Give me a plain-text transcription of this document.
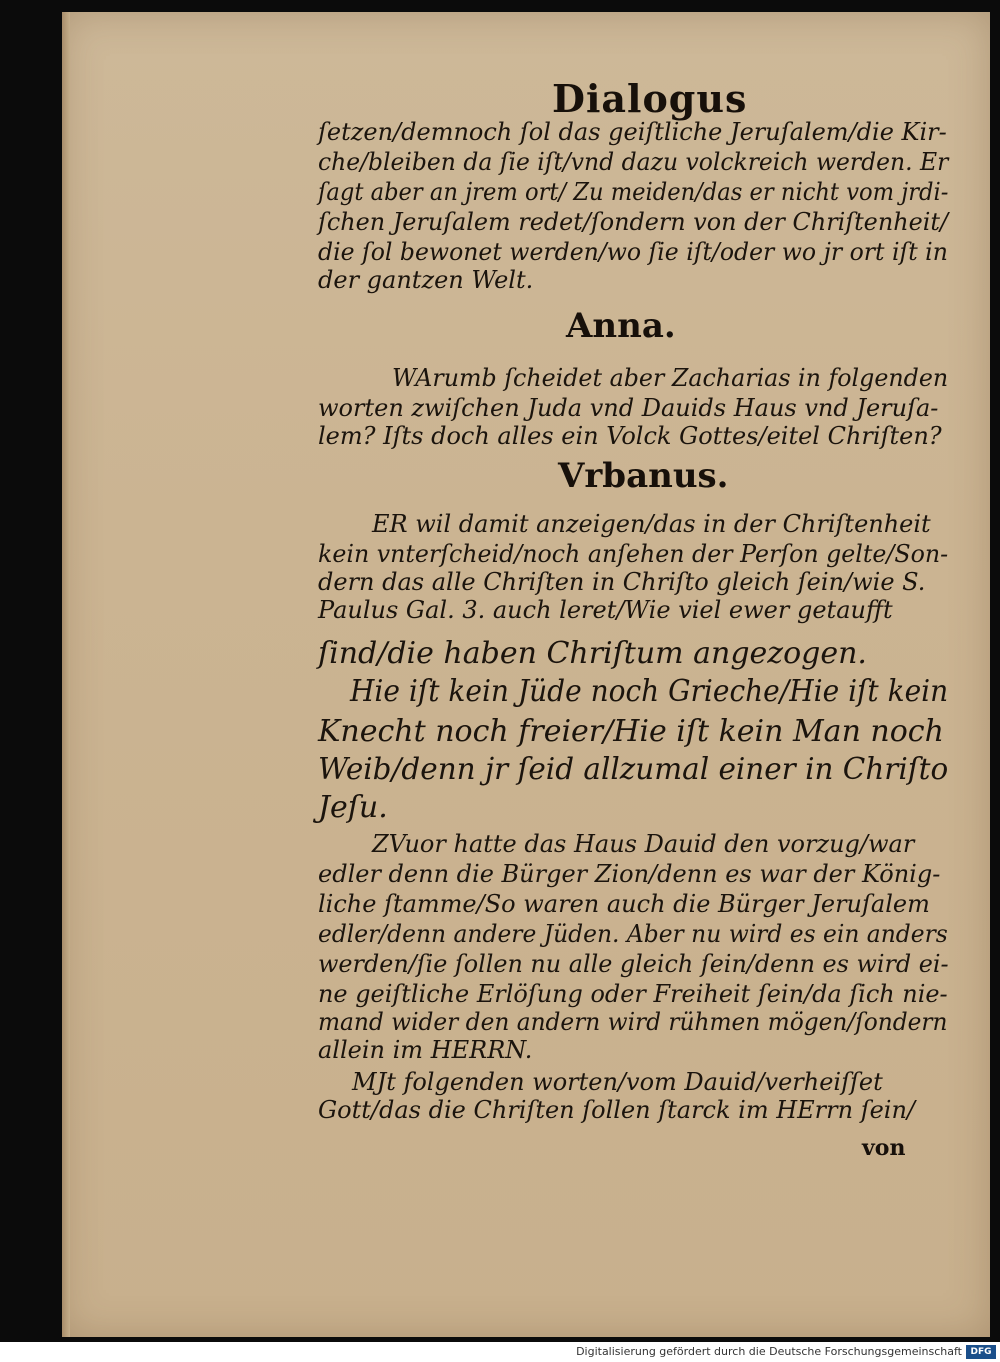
Dialogus
ſetzen/demnoch ſol das geiſtliche Jeruſalem/die Kir-
che/bleiben da ſie iſt/vnd dazu volckreich werden. Er
ſagt aber an jrem ort/ Zu meiden/das er nicht vom jrdi-
ſchen Jeruſalem redet/ſondern von der Chriſtenheit/
die ſol bewonet werden/wo ſie iſt/oder wo jr ort iſt in
der gantzen Welt.
Anna.
WArumb ſcheidet aber Zacharias in folgenden
worten zwiſchen Juda vnd Dauids Haus vnd Jeruſa-
lem? Iſts doch alles ein Volck Gottes/eitel Chriſten?
Vrbanus.
ER wil damit anzeigen/das in der Chriſtenheit
kein vnterſcheid/noch anſehen der Perſon gelte/Son-
dern das alle Chriſten in Chriſto gleich ſein/wie S.
Paulus Gal. 3. auch leret/Wie viel ewer getaufft
ſind/die haben Chriſtum angezogen.
Hie iſt kein Jüde noch Grieche/Hie iſt kein
Knecht noch freier/Hie iſt kein Man noch
Weib/denn jr ſeid allzumal einer in Chriſto
Jeſu.
ZVuor hatte das Haus Dauid den vorzug/war
edler denn die Bürger Zion/denn es war der König-
liche ſtamme/So waren auch die Bürger Jeruſalem
edler/denn andere Jüden. Aber nu wird es ein anders
werden/ſie ſollen nu alle gleich ſein/denn es wird ei-
ne geiſtliche Erlöſung oder Freiheit ſein/da ſich nie-
mand wider den andern wird rühmen mögen/ſondern
allein im HERRN.
MJt folgenden worten/vom Dauid/verheiſſet
Gott/das die Chriſten ſollen ſtarck im HErrn ſein/
von
Digitalisierung gefördert durch die Deutsche Forschungsgemeinschaft DFG
